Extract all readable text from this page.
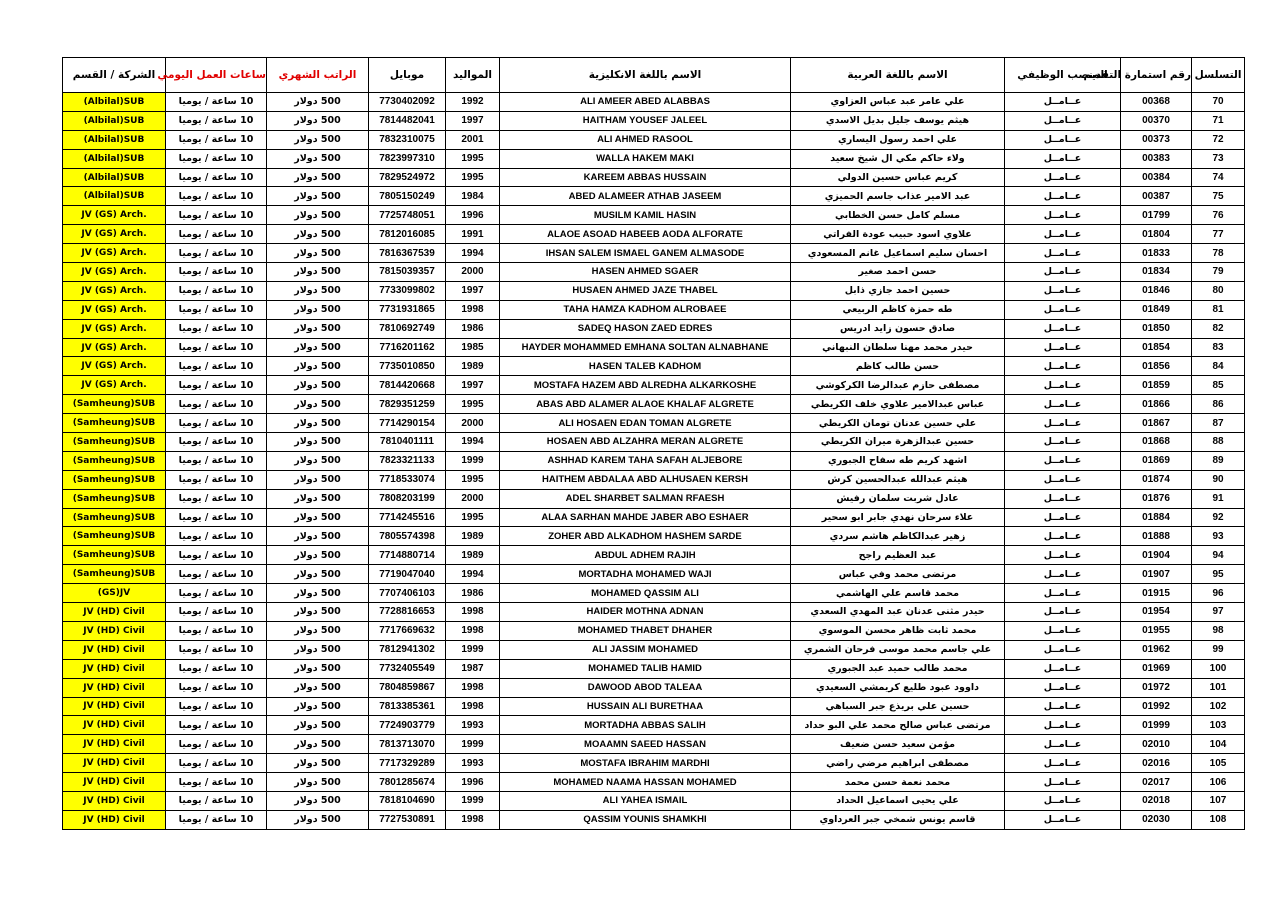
التسلسل	رقم استمارة التقديم	المنصب الوظيفي	الاسم باللغة العربية	الاسم باللغة الانكليزية	المواليد	موبايل	الراتب الشهري	ساعات العمل اليومي	الشركة / القسم
70	00368	عــامــل	علي عامر عبد عباس العزاوي	ALI AMEER ABED ALABBAS	1992	7730402092	500 دولار	10 ساعة / يوميا	(Albilal)SUB
71	00370	عــامــل	هيثم يوسف جليل بديل الاسدي	HAITHAM YOUSEF JALEEL	1997	7814482041	500 دولار	10 ساعة / يوميا	(Albilal)SUB
72	00373	عــامــل	علي احمد رسول اليساري	ALI AHMED RASOOL	2001	7832310075	500 دولار	10 ساعة / يوميا	(Albilal)SUB
73	00383	عــامــل	ولاء حاكم مكي ال شيخ سعيد	WALLA HAKEM MAKI	1995	7823997310	500 دولار	10 ساعة / يوميا	(Albilal)SUB
74	00384	عــامــل	كريم عباس حسين الدولي	KAREEM ABBAS HUSSAIN	1995	7829524972	500 دولار	10 ساعة / يوميا	(Albilal)SUB
75	00387	عــامــل	عبد الامير عذاب جاسم الحميزي	ABED ALAMEER ATHAB JASEEM	1984	7805150249	500 دولار	10 ساعة / يوميا	(Albilal)SUB
76	01799	عــامــل	مسلم كامل حسن الخطابي	MUSILM KAMIL HASIN	1996	7725748051	500 دولار	10 ساعة / يوميا	JV (GS) Arch.
77	01804	عــامــل	علاوي اسود حبيب عودة الفراتي	ALAOE ASOAD HABEEB AODA ALFORATE	1991	7812016085	500 دولار	10 ساعة / يوميا	JV (GS) Arch.
78	01833	عــامــل	احسان سليم اسماعيل غانم المسعودي	IHSAN SALEM ISMAEL GANEM ALMASODE	1994	7816367539	500 دولار	10 ساعة / يوميا	JV (GS) Arch.
79	01834	عــامــل	حسن احمد صغير	HASEN AHMED SGAER	2000	7815039357	500 دولار	10 ساعة / يوميا	JV (GS) Arch.
80	01846	عــامــل	حسين احمد جازي ذابل	HUSAEN AHMED JAZE THABEL	1997	7733099802	500 دولار	10 ساعة / يوميا	JV (GS) Arch.
81	01849	عــامــل	طه حمزة كاظم الربيعي	TAHA HAMZA KADHOM ALROBAEE	1998	7731931865	500 دولار	10 ساعة / يوميا	JV (GS) Arch.
82	01850	عــامــل	صادق حسون زايد ادريس	SADEQ HASON ZAED EDRES	1986	7810692749	500 دولار	10 ساعة / يوميا	JV (GS) Arch.
83	01854	عــامــل	حيدر محمد مهنا سلطان النبهاني	HAYDER MOHAMMED EMHANA SOLTAN ALNABHANE	1985	7716201162	500 دولار	10 ساعة / يوميا	JV (GS) Arch.
84	01856	عــامــل	حسن طالب كاظم	HASEN TALEB KADHOM	1989	7735010850	500 دولار	10 ساعة / يوميا	JV (GS) Arch.
85	01859	عــامــل	مصطفى حازم عبدالرضا الكركوشي	MOSTAFA HAZEM ABD ALREDHA ALKARKOSHE	1997	7814420668	500 دولار	10 ساعة / يوميا	JV (GS) Arch.
86	01866	عــامــل	عباس عبدالامير علاوي خلف الكريطي	ABAS ABD ALAMER ALAOE KHALAF ALGRETE	1995	7829351259	500 دولار	10 ساعة / يوميا	(Samheung)SUB
87	01867	عــامــل	علي حسين عدنان تومان الكريطي	ALI HOSAEN EDAN TOMAN ALGRETE	2000	7714290154	500 دولار	10 ساعة / يوميا	(Samheung)SUB
88	01868	عــامــل	حسين عبدالزهرة ميران الكريطي	HOSAEN ABD ALZAHRA MERAN ALGRETE	1994	7810401111	500 دولار	10 ساعة / يوميا	(Samheung)SUB
89	01869	عــامــل	اشهد كريم طه سفاح الجبوري	ASHHAD KAREM TAHA SAFAH ALJEBORE	1999	7823321133	500 دولار	10 ساعة / يوميا	(Samheung)SUB
90	01874	عــامــل	هيثم عبدالله عبدالحسين كرش	HAITHEM ABDALAA ABD ALHUSAEN KERSH	1995	7718533074	500 دولار	10 ساعة / يوميا	(Samheung)SUB
91	01876	عــامــل	عادل شربت سلمان رفيش	ADEL SHARBET SALMAN RFAESH	2000	7808203199	500 دولار	10 ساعة / يوميا	(Samheung)SUB
92	01884	عــامــل	علاء سرحان نهدي جابر ابو سحير	ALAA SARHAN MAHDE JABER ABO ESHAER	1995	7714245516	500 دولار	10 ساعة / يوميا	(Samheung)SUB
93	01888	عــامــل	زهير عبدالكاظم هاشم سردي	ZOHER ABD ALKADHOM HASHEM SARDE	1989	7805574398	500 دولار	10 ساعة / يوميا	(Samheung)SUB
94	01904	عــامــل	عبد العظيم راجح	ABDUL ADHEM RAJIH	1989	7714880714	500 دولار	10 ساعة / يوميا	(Samheung)SUB
95	01907	عــامــل	مرتضى محمد وفي عباس	MORTADHA MOHAMED WAJI	1994	7719047040	500 دولار	10 ساعة / يوميا	(Samheung)SUB
96	01915	عــامــل	محمد قاسم علي الهاشمي	MOHAMED QASSIM ALI	1986	7707406103	500 دولار	10 ساعة / يوميا	(GS)JV
97	01954	عــامــل	حيدر مثنى عدنان عبد المهدي السعدي	HAIDER MOTHNA ADNAN	1998	7728816653	500 دولار	10 ساعة / يوميا	JV (HD) Civil
98	01955	عــامــل	محمد ثابت ظاهر محسن الموسوي	MOHAMED THABET DHAHER	1998	7717669632	500 دولار	10 ساعة / يوميا	JV (HD) Civil
99	01962	عــامــل	علي جاسم محمد موسى فرحان الشمري	ALI JASSIM MOHAMED	1999	7812941302	500 دولار	10 ساعة / يوميا	JV (HD) Civil
100	01969	عــامــل	محمد طالب حميد عبد الجبوري	MOHAMED TALIB HAMID	1987	7732405549	500 دولار	10 ساعة / يوميا	JV (HD) Civil
101	01972	عــامــل	داوود عبود طليع كريمشي السعيدي	DAWOOD ABOD TALEAA	1998	7804859867	500 دولار	10 ساعة / يوميا	JV (HD) Civil
102	01992	عــامــل	حسين علي بريذع جبر السباهي	HUSSAIN ALI BURETHAA	1998	7813385361	500 دولار	10 ساعة / يوميا	JV (HD) Civil
103	01999	عــامــل	مرتضى عباس صالح محمد علي البو حداد	MORTADHA ABBAS SALIH	1993	7724903779	500 دولار	10 ساعة / يوميا	JV (HD) Civil
104	02010	عــامــل	مؤمن سعيد حسن ضعيف	MOAAMN SAEED HASSAN	1999	7813713070	500 دولار	10 ساعة / يوميا	JV (HD) Civil
105	02016	عــامــل	مصطفى ابراهيم مرضي راضي	MOSTAFA IBRAHIM MARDHI	1993	7717329289	500 دولار	10 ساعة / يوميا	JV (HD) Civil
106	02017	عــامــل	محمد نعمة حسن محمد	MOHAMED NAAMA HASSAN MOHAMED	1996	7801285674	500 دولار	10 ساعة / يوميا	JV (HD) Civil
107	02018	عــامــل	علي يحيى اسماعيل الحداد	ALI YAHEA ISMAIL	1999	7818104690	500 دولار	10 ساعة / يوميا	JV (HD) Civil
108	02030	عــامــل	قاسم يونس شمخي جبر العرداوي	QASSIM YOUNIS SHAMKHI	1998	7727530891	500 دولار	10 ساعة / يوميا	JV (HD) Civil
